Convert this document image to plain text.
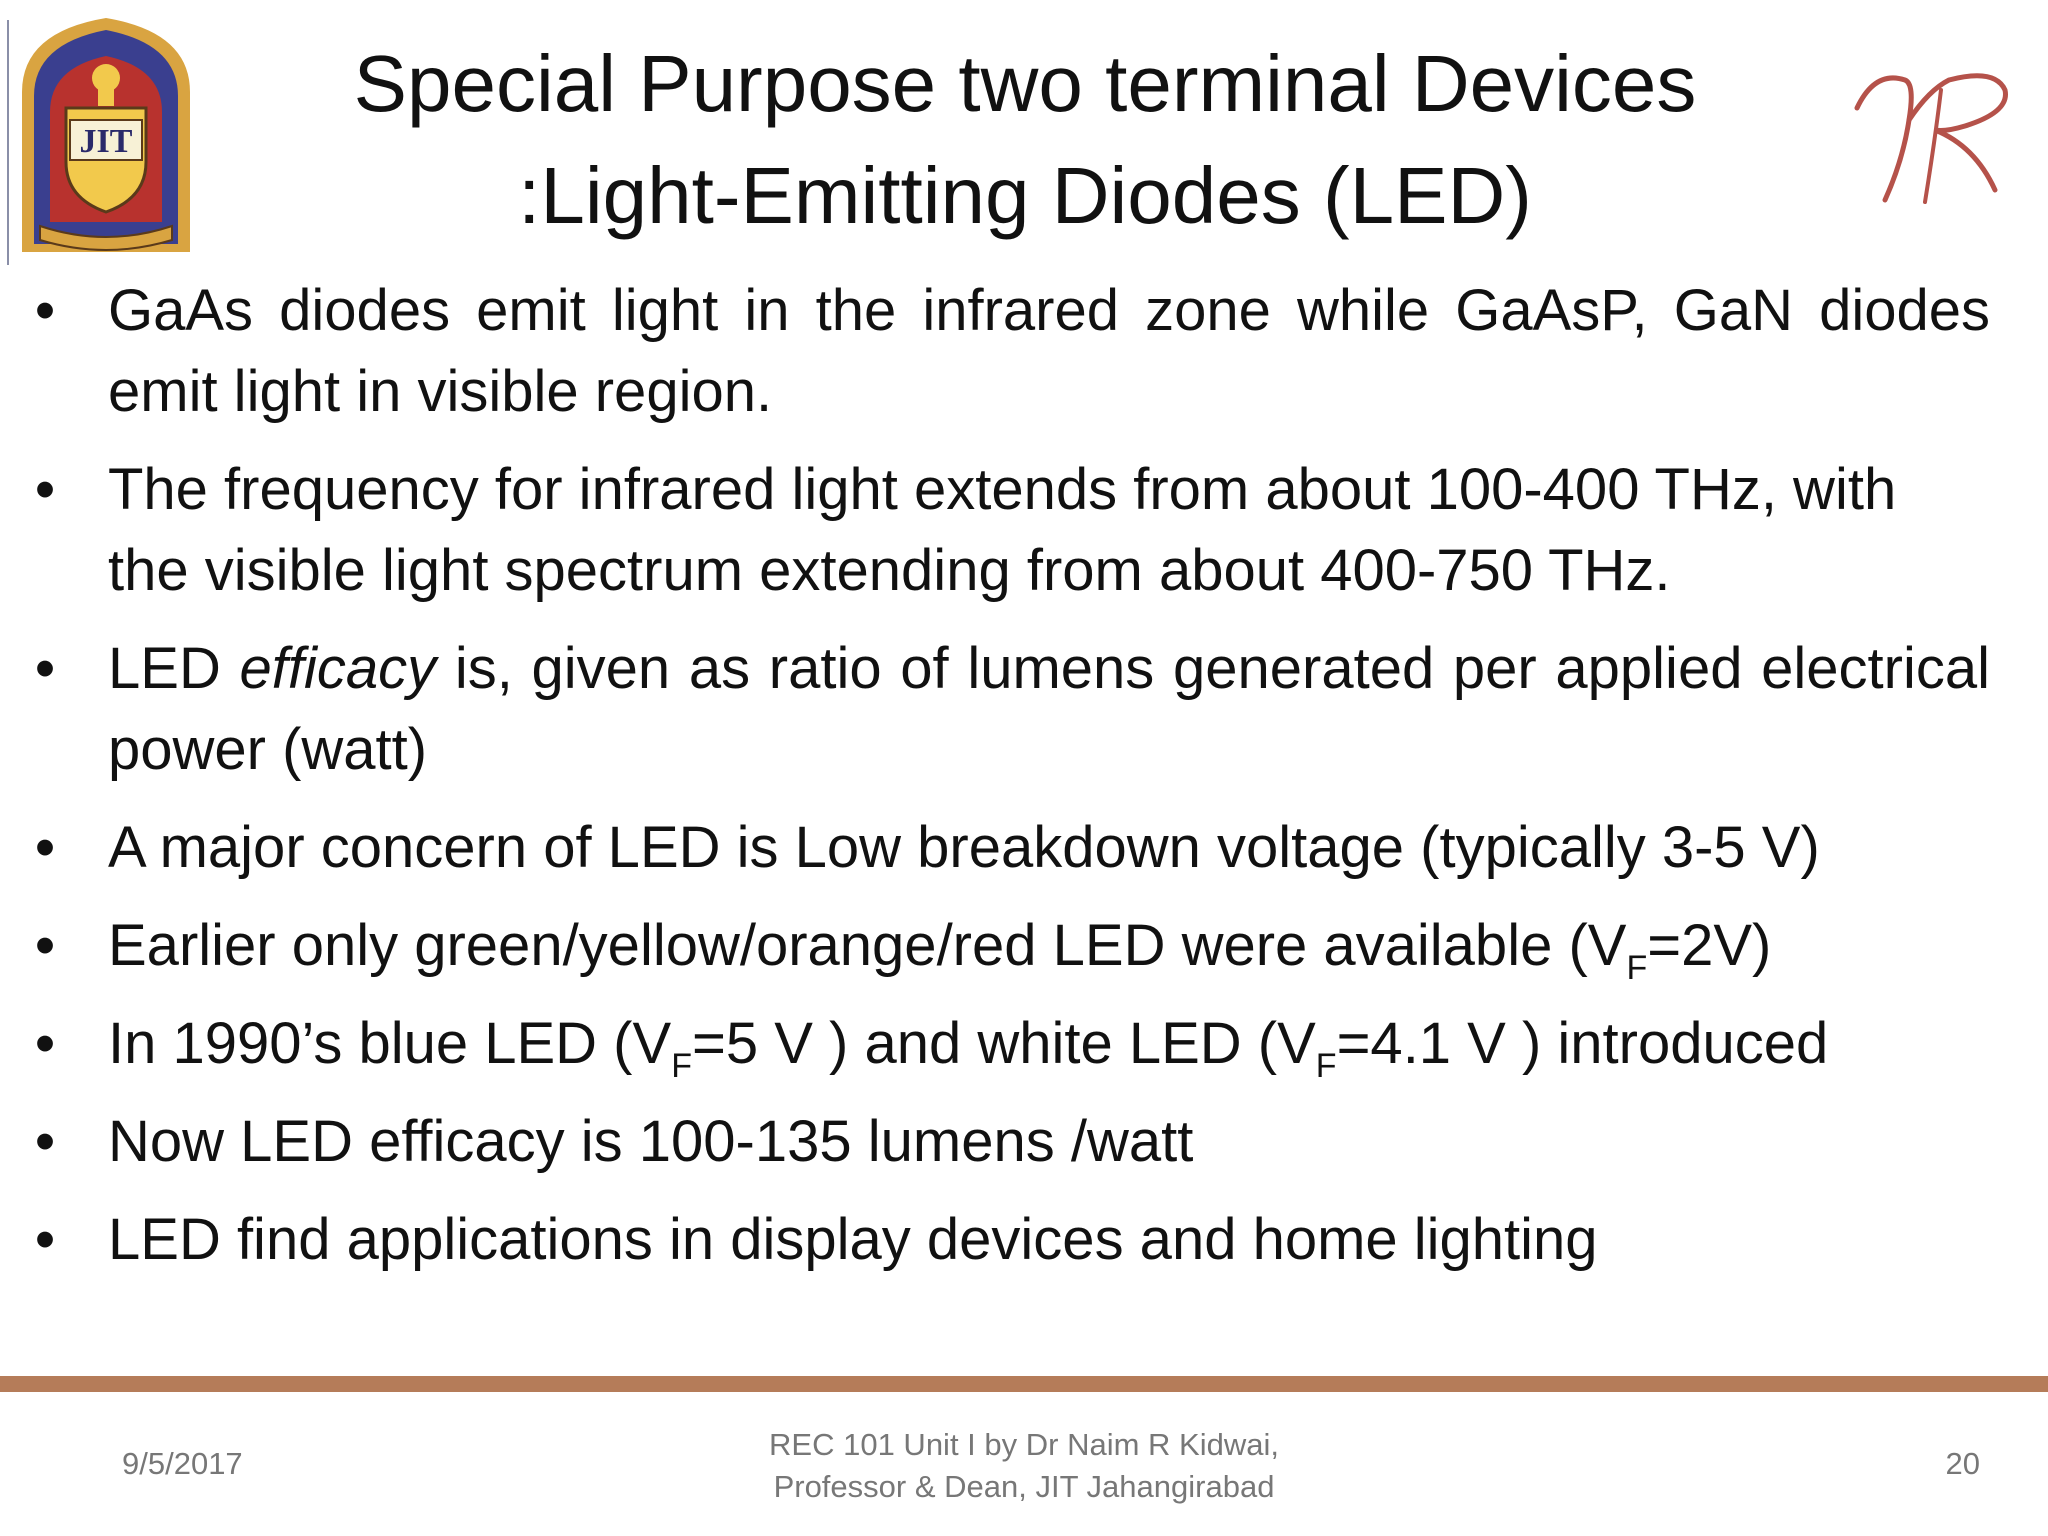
JIT
Special Purpose two terminal Devices
:Light-Emitting Diodes (LED)
• GaAs diodes emit light in the infrared zone while GaAsP, GaN diodes emit light in visible region.
• The frequency for infrared light extends from about 100-400 THz, with the visible light spectrum extending from about 400-750 THz.
• LED efficacy is, given as ratio of lumens generated per applied electrical power (watt)
• A major concern of LED is Low breakdown voltage (typically 3-5 V)
• Earlier only green/yellow/orange/red LED were available $(V_F=2V)$
• In 1990’s blue LED ($V_F=5$ V ) and white LED ($V_F=4.1$ V ) introduced
• Now LED efficacy is 100-135 lumens /watt
• LED find applications in display devices and home lighting
9/5/2017
REC 101 Unit I by Dr Naim R Kidwai,
Professor & Dean, JIT Jahangirabad
20
